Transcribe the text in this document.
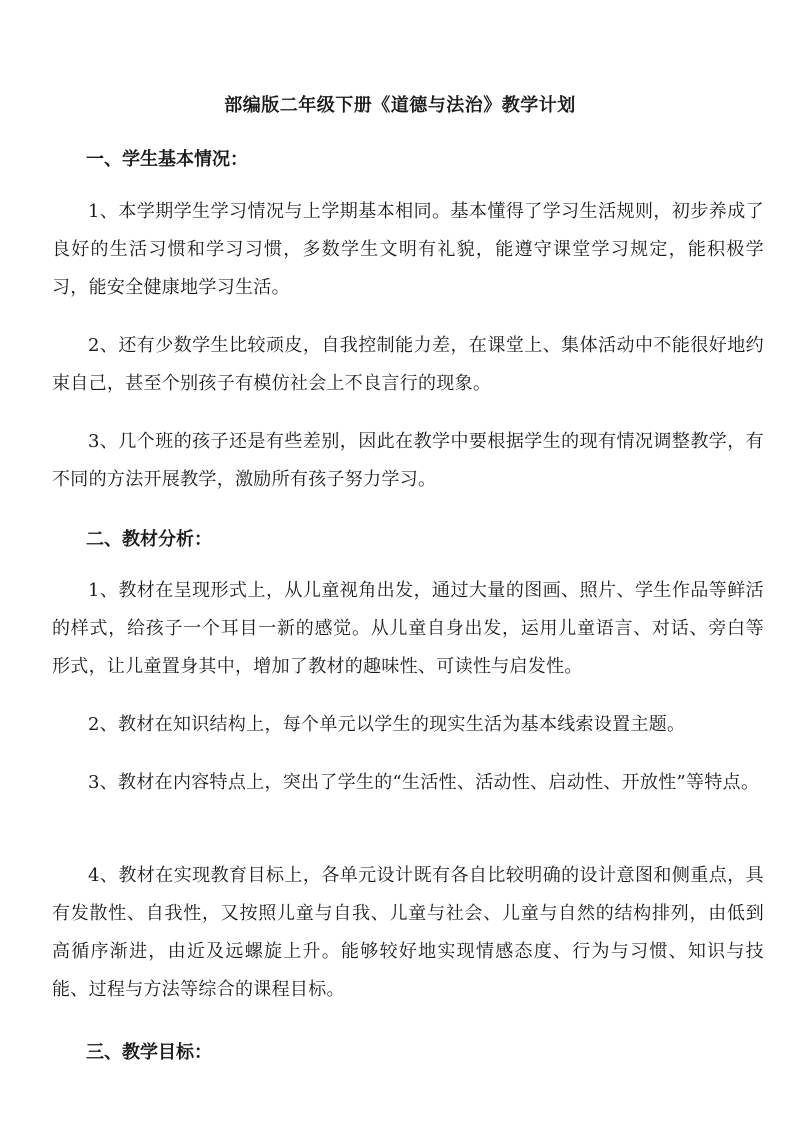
部编版二年级下册《道德与法治》教学计划
一、学生基本情况：

1、本学期学生学习情况与上学期基本相同。基本懂得了学习生活规则，初步养成了良好的生活习惯和学习习惯，多数学生文明有礼貌，能遵守课堂学习规定，能积极学习，能安全健康地学习生活。

2、还有少数学生比较顽皮，自我控制能力差，在课堂上、集体活动中不能很好地约束自己，甚至个别孩子有模仿社会上不良言行的现象。

3、几个班的孩子还是有些差别，因此在教学中要根据学生的现有情况调整教学，有不同的方法开展教学，激励所有孩子努力学习。

二、教材分析：

1、教材在呈现形式上，从儿童视角出发，通过大量的图画、照片、学生作品等鲜活的样式，给孩子一个耳目一新的感觉。从儿童自身出发，运用儿童语言、对话、旁白等形式，让儿童置身其中，增加了教材的趣味性、可读性与启发性。

2、教材在知识结构上，每个单元以学生的现实生活为基本线索设置主题。

3、教材在内容特点上，突出了学生的“生活性、活动性、启动性、开放性”等特点。

4、教材在实现教育目标上，各单元设计既有各自比较明确的设计意图和侧重点，具有发散性、自我性，又按照儿童与自我、儿童与社会、儿童与自然的结构排列，由低到高循序渐进，由近及远螺旋上升。能够较好地实现情感态度、行为与习惯、知识与技能、过程与方法等综合的课程目标。

三、教学目标：
